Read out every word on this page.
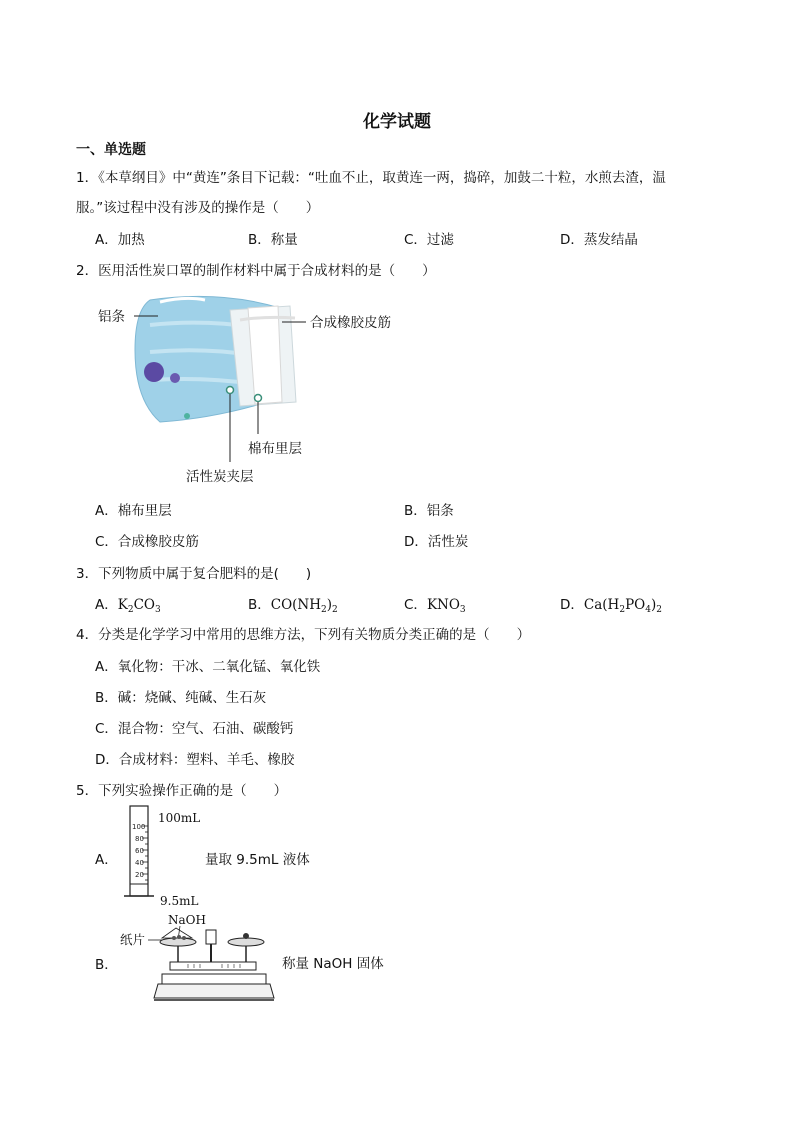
化学试题
一、单选题
1．《本草纲目》中“黄连”条目下记载：“吐血不止，取黄连一两，捣碎，加鼓二十粒，水煎去渣，温
服。”该过程中没有涉及的操作是（　　）
A．加热	B．称量	C．过滤	D．蒸发结晶
2．医用活性炭口罩的制作材料中属于合成材料的是（　　）
铝条	合成橡胶皮筋
棉布里层
活性炭夹层
A．棉布里层	B．铝条
C．合成橡胶皮筋	D．活性炭
3．下列物质中属于复合肥料的是(　　)
A．$K_2CO_3$	B．$CO(NH_2)_2$	C．$KNO_3$	D．$Ca(H_2PO_4)_2$
4．分类是化学学习中常用的思维方法，下列有关物质分类正确的是（　　）
A．氧化物：干冰、二氧化锰、氧化铁
B．碱：烧碱、纯碱、生石灰
C．混合物：空气、石油、碳酸钙
D．合成材料：塑料、羊毛、橡胶
5．下列实验操作正确的是（　　）
A．
100
80
60
40
20
100mL
9.5mL
量取 9.5mL 液体
B．
NaOH
纸片
称量 NaOH 固体
